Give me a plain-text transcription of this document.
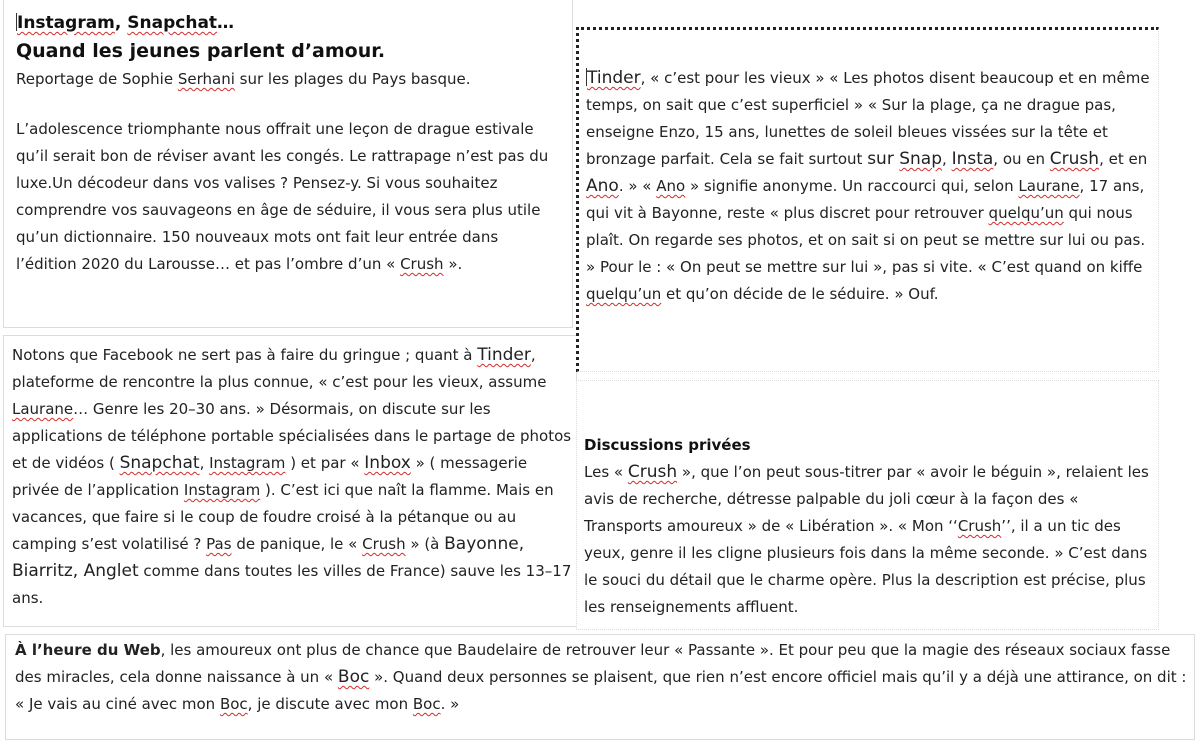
Instagram, Snapchat…
Quand les jeunes parlent d’amour.

Reportage de Sophie Serhani sur les plages du Pays basque.

L’adolescence triomphante nous offrait une leçon de drague estivale qu’il serait bon de réviser avant les congés. Le rattrapage n’est pas du luxe.Un décodeur dans vos valises ? Pensez-y. Si vous souhaitez comprendre vos sauvageons en âge de séduire, il vous sera plus utile qu’un dictionnaire. 150 nouveaux mots ont fait leur entrée dans l’édition 2020 du Larousse… et pas l’ombre d’un « Crush ».

Notons que Facebook ne sert pas à faire du gringue ; quant à Tinder, plateforme de rencontre la plus connue, « c’est pour les vieux, assume Laurane… Genre les 20–30 ans. » Désormais, on discute sur les applications de téléphone portable spécialisées dans le partage de photos et de vidéos ( Snapchat, Instagram ) et par « Inbox » ( messagerie privée de l’application Instagram ). C’est ici que naît la flamme. Mais en vacances, que faire si le coup de foudre croisé à la pétanque ou au camping s’est volatilisé ? Pas de panique, le « Crush » (à Bayonne, Biarritz, Anglet comme dans toutes les villes de France) sauve les 13–17 ans.

Tinder, « c’est pour les vieux » « Les photos disent beaucoup et en même temps, on sait que c’est superficiel » « Sur la plage, ça ne drague pas, enseigne Enzo, 15 ans, lunettes de soleil bleues vissées sur la tête et bronzage parfait. Cela se fait surtout sur Snap, Insta, ou en Crush, et en Ano. » « Ano » signifie anonyme. Un raccourci qui, selon Laurane, 17 ans, qui vit à Bayonne, reste « plus discret pour retrouver quelqu’un qui nous plaît. On regarde ses photos, et on sait si on peut se mettre sur lui ou pas. » Pour le : « On peut se mettre sur lui », pas si vite. « C’est quand on kiffe quelqu’un et qu’on décide de le séduire. » Ouf.

Discussions privées

Les « Crush », que l’on peut sous-titrer par « avoir le béguin », relaient les avis de recherche, détresse palpable du joli cœur à la façon des « Transports amoureux » de « Libération ». « Mon ‘‘Crush’’, il a un tic des yeux, genre il les cligne plusieurs fois dans la même seconde. » C’est dans le souci du détail que le charme opère. Plus la description est précise, plus les renseignements affluent.

À l’heure du Web, les amoureux ont plus de chance que Baudelaire de retrouver leur « Passante ». Et pour peu que la magie des réseaux sociaux fasse des miracles, cela donne naissance à un « Boc ». Quand deux personnes se plaisent, que rien n’est encore officiel mais qu’il y a déjà une attirance, on dit : « Je vais au ciné avec mon Boc, je discute avec mon Boc. »
